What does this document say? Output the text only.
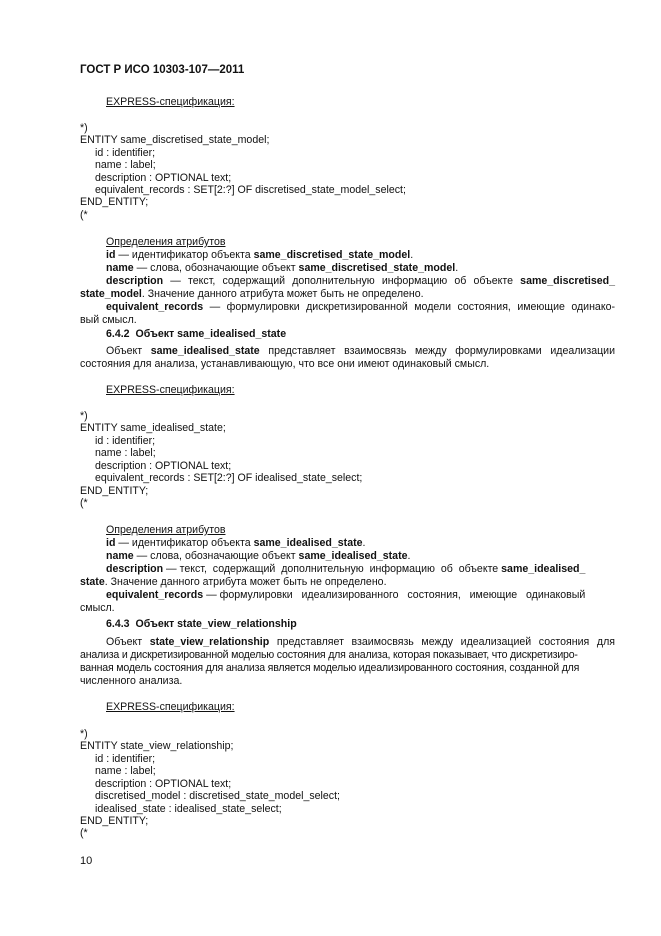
ГОСТ Р ИСО 10303-107—2011
EXPRESS-спецификация:
*)
ENTITY same_discretised_state_model;
id : identifier;
name : label;
description : OPTIONAL text;
equivalent_records : SET[2:?] OF discretised_state_model_select;
END_ENTITY;
(*
Определения атрибутов
id — идентификатор объекта same_discretised_state_model.
name — слова, обозначающие объект same_discretised_state_model.
description — текст, содержащий дополнительную информацию об объекте same_discretised_
state_model. Значение данного атрибута может быть не определено.
equivalent_records — формулировки дискретизированной модели состояния, имеющие одинако-
вый смысл.
6.4.2 Объект same_idealised_state
Объект same_idealised_state представляет взаимосвязь между формулировками идеализации
состояния для анализа, устанавливающую, что все они имеют одинаковый смысл.
EXPRESS-спецификация:
*)
ENTITY same_idealised_state;
id : identifier;
name : label;
description : OPTIONAL text;
equivalent_records : SET[2:?] OF idealised_state_select;
END_ENTITY;
(*
Определения атрибутов
id — идентификатор объекта same_idealised_state.
name — слова, обозначающие объект same_idealised_state.
description — текст,  содержащий  дополнительную  информацию  об  объекте same_idealised_
state. Значение данного атрибута может быть не определено.
equivalent_records — формулировки   идеализированного   состояния,   имеющие   одинаковый
смысл.
6.4.3 Объект state_view_relationship
Объект state_view_relationship представляет взаимосвязь между идеализацией состояния для
анализа и дискретизированной моделью состояния для анализа, которая показывает, что дискретизиро-
ванная модель состояния для анализа является моделью идеализированного состояния, созданной для
численного анализа.
EXPRESS-спецификация:
*)
ENTITY state_view_relationship;
id : identifier;
name : label;
description : OPTIONAL text;
discretised_model : discretised_state_model_select;
idealised_state : idealised_state_select;
END_ENTITY;
(*
10
